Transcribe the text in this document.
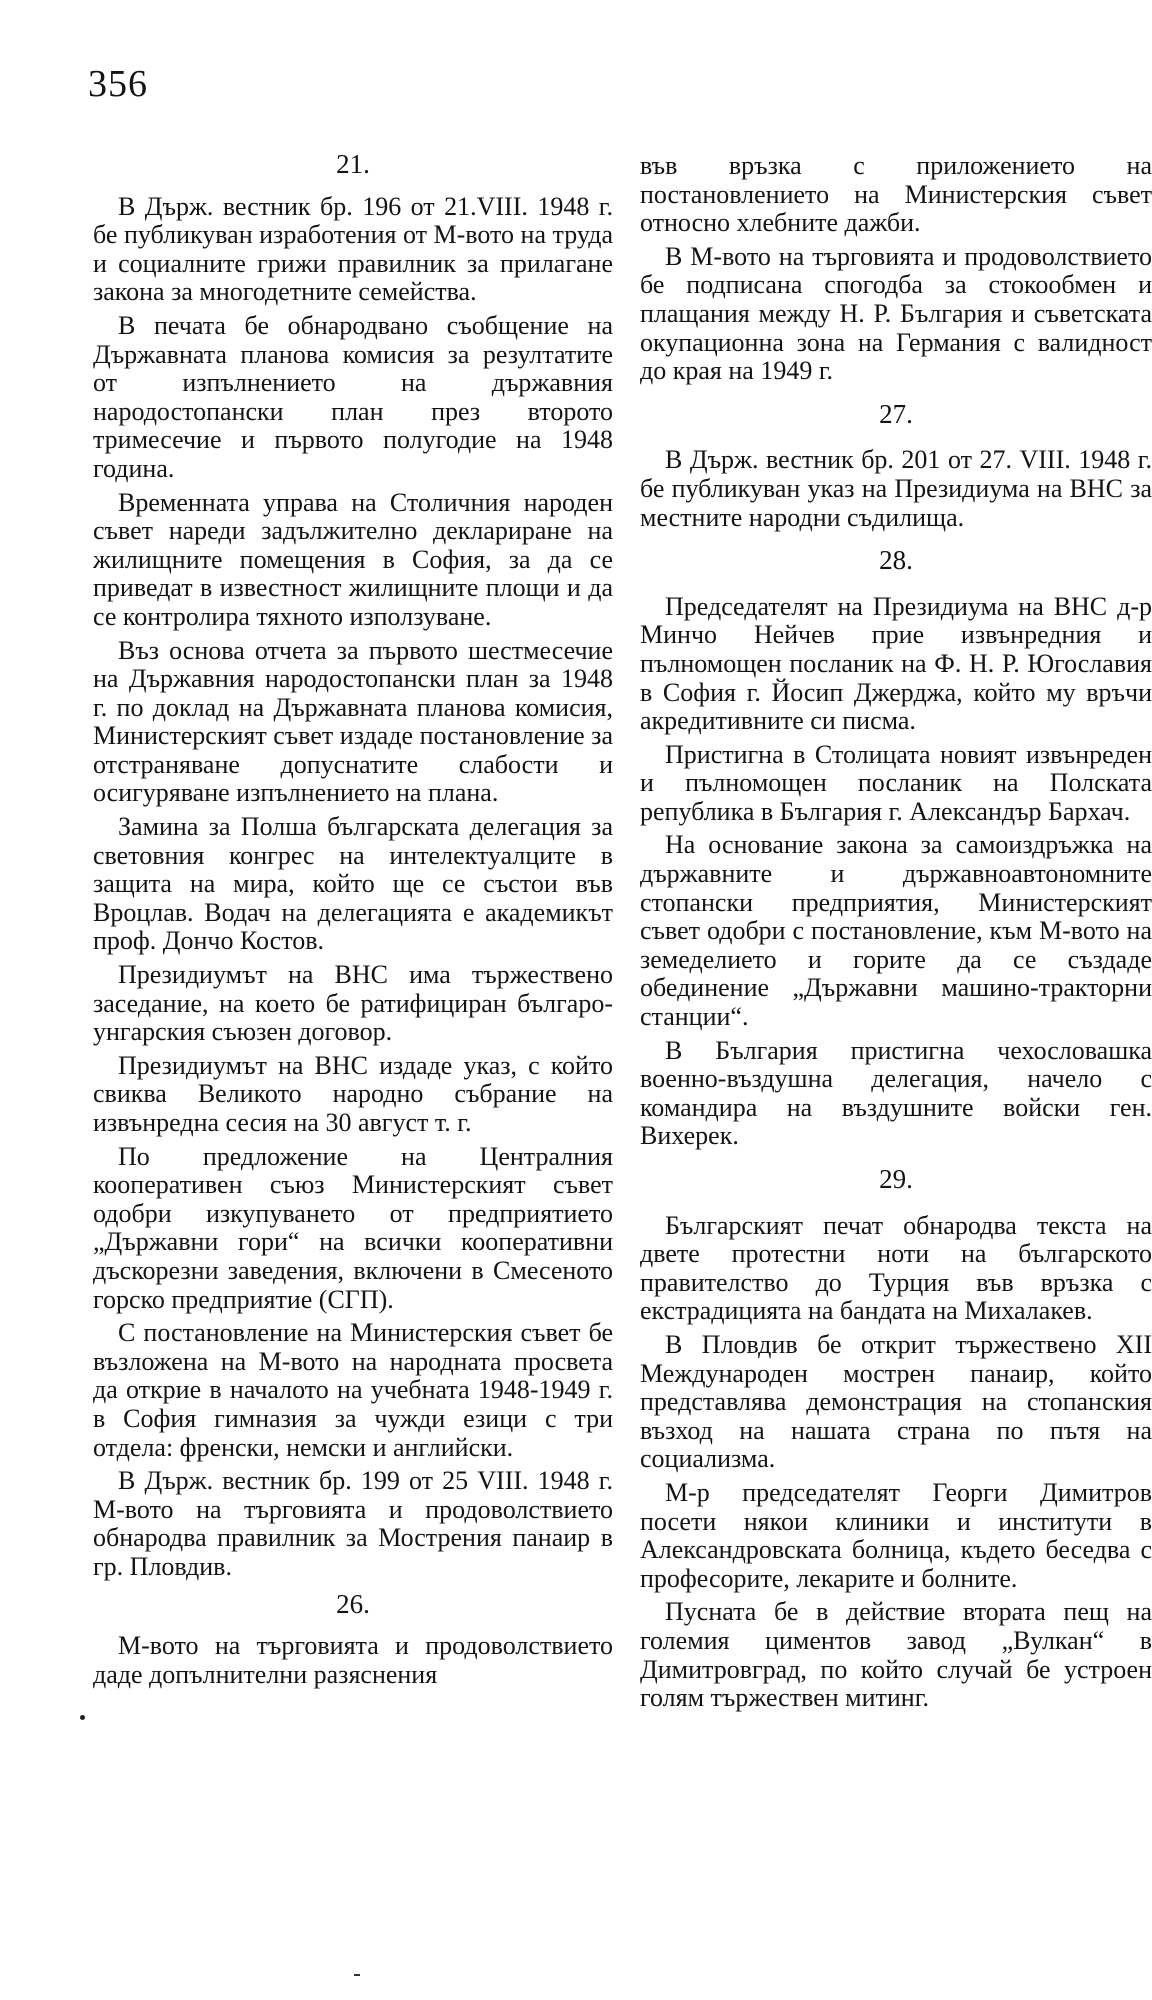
356

21.

В Държ. вестник бр. 196 от 21.VIII. 1948 г. бе публикуван изработения от М-вото на труда и социалните грижи правилник за прилагане закона за многодетните семейства.

В печата бе обнародвано съобщение на Държавната планова комисия за резултатите от изпълнението на държавния народостопански план през второто тримесечие и първото полугодие на 1948 година.

Временната управа на Столичния народен съвет нареди задължително деклариране на жилищните помещения в София, за да се приведат в известност жилищните площи и да се контролира тяхното използуване.

Въз основа отчета за първото шестмесечие на Държавния народостопански план за 1948 г. по доклад на Държавната планова комисия, Министерският съвет издаде постановление за отстраняване допуснатите слабости и осигуряване изпълнението на плана.

Замина за Полша българската делегация за световния конгрес на интелектуалците в защита на мира, който ще се състои във Вроцлав. Водач на делегацията е академикът проф. Дончо Костов.

Президиумът на ВНС има тържествено заседание, на което бе ратифициран българо-унгарския съюзен договор.

Президиумът на ВНС издаде указ, с който свиква Великото народно събрание на извънредна сесия на 30 август т. г.

По предложение на Централния кооперативен съюз Министерският съвет одобри изкупуването от предприятието „Държавни гори“ на всички кооперативни дъскорезни заведения, включени в Смесеното горско предприятие (СГП).

С постановление на Министерския съвет бе възложена на М-вото на народната просвета да открие в началото на учебната 1948-1949 г. в София гимназия за чужди езици с три отдела: френски, немски и английски.

В Държ. вестник бр. 199 от 25 VIII. 1948 г. М-вото на търговията и продоволствието обнародва правилник за Мострения панаир в гр. Пловдив.

26.

М-вото на търговията и продоволствието даде допълнителни разяснения

във връзка с приложението на постановлението на Министерския съвет относно хлебните дажби.

В М-вото на търговията и продоволствието бе подписана спогодба за стокообмен и плащания между Н. Р. България и съветската окупационна зона на Германия с валидност до края на 1949 г.

27.

В Държ. вестник бр. 201 от 27. VIII. 1948 г. бе публикуван указ на Президиума на ВНС за местните народни съдилища.

28.

Председателят на Президиума на ВНС д-р Минчо Нейчев прие извънредния и пълномощен посланик на Ф. Н. Р. Югославия в София г. Йосип Джерджа, който му връчи акредитивните си писма.

Пристигна в Столицата новият извънреден и пълномощен посланик на Полската република в България г. Александър Бархач.

На основание закона за самоиздръжка на държавните и държавноавтономните стопански предприятия, Министерският съвет одобри с постановление, към М-вото на земеделието и горите да се създаде обединение „Държавни машино-тракторни станции“.

В България пристигна чехословашка военно-въздушна делегация, начело с командира на въздушните войски ген. Вихерек.

29.

Българският печат обнародва текста на двете протестни ноти на българското правителство до Турция във връзка с екстрадицията на бандата на Михалакев.

В Пловдив бе открит тържествено XII Международен мострен панаир, който представлява демонстрация на стопанския възход на нашата страна по пътя на социализма.

М-р председателят Георги Димитров посети някои клиники и институти в Александровската болница, където беседва с професорите, лекарите и болните.

Пусната бе в действие втората пещ на големия циментов завод „Вулкан“ в Димитровград, по който случай бе устроен голям тържествен митинг.
